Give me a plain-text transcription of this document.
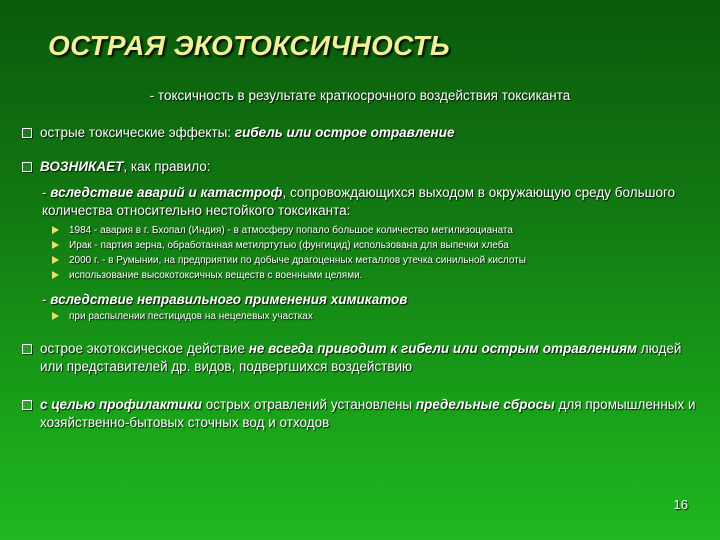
ОСТРАЯ ЭКОТОКСИЧНОСТЬ
- токсичность в результате краткосрочного воздействия токсиканта
острые токсические эффекты: гибель или острое отравление
ВОЗНИКАЕТ, как правило:
- вследствие аварий и катастроф, сопровождающихся выходом в окружающую среду большого количества относительно нестойкого токсиканта:
1984 - авария в г. Бхопал (Индия) - в атмосферу попало большое количество метилизоцианата
Ирак - партия зерна, обработанная метилртутью (фунгицид) использована для выпечки хлеба
2000 г. - в Румынии, на предприятии по добыче драгоценных металлов утечка синильной кислоты
использование высокотоксичных веществ с военными целями.
- вследствие неправильного применения химикатов
при распылении пестицидов на нецелевых участках
острое экотоксическое действие не всегда приводит к гибели или острым отравлениям людей или представителей др. видов, подвергшихся воздействию
с целью профилактики острых отравлений установлены предельные сбросы для промышленных и хозяйственно-бытовых сточных вод и отходов
16
